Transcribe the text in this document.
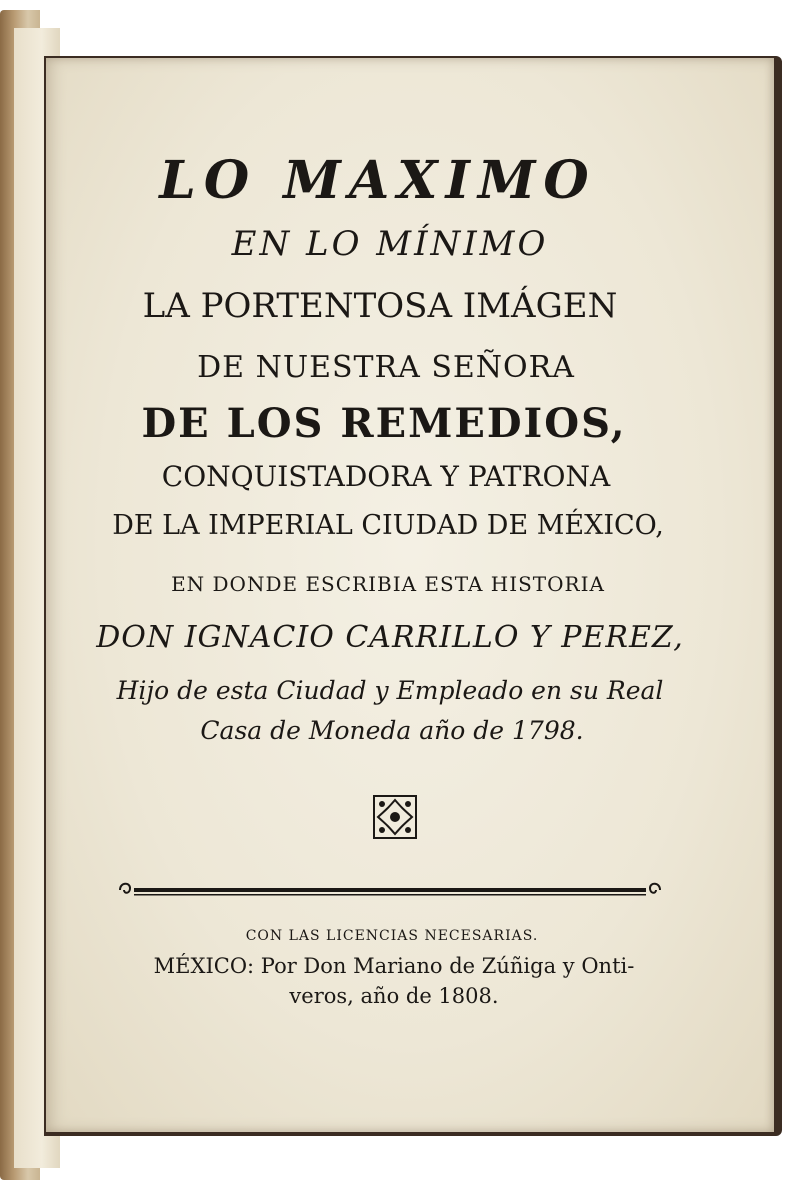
LO MAXIMO
EN LO MÍNIMO
LA PORTENTOSA IMÁGEN
DE NUESTRA SEÑORA
DE LOS REMEDIOS,
CONQUISTADORA Y PATRONA
DE LA IMPERIAL CIUDAD DE MÉXICO,
EN DONDE ESCRIBIA ESTA HISTORIA
DON IGNACIO CARRILLO Y PEREZ,
Hijo de esta Ciudad y Empleado en su Real
Casa de Moneda año de 1798.
CON LAS LICENCIAS NECESARIAS.
MÉXICO: Por Don Mariano de Zúñiga y Onti-
veros, año de 1808.
